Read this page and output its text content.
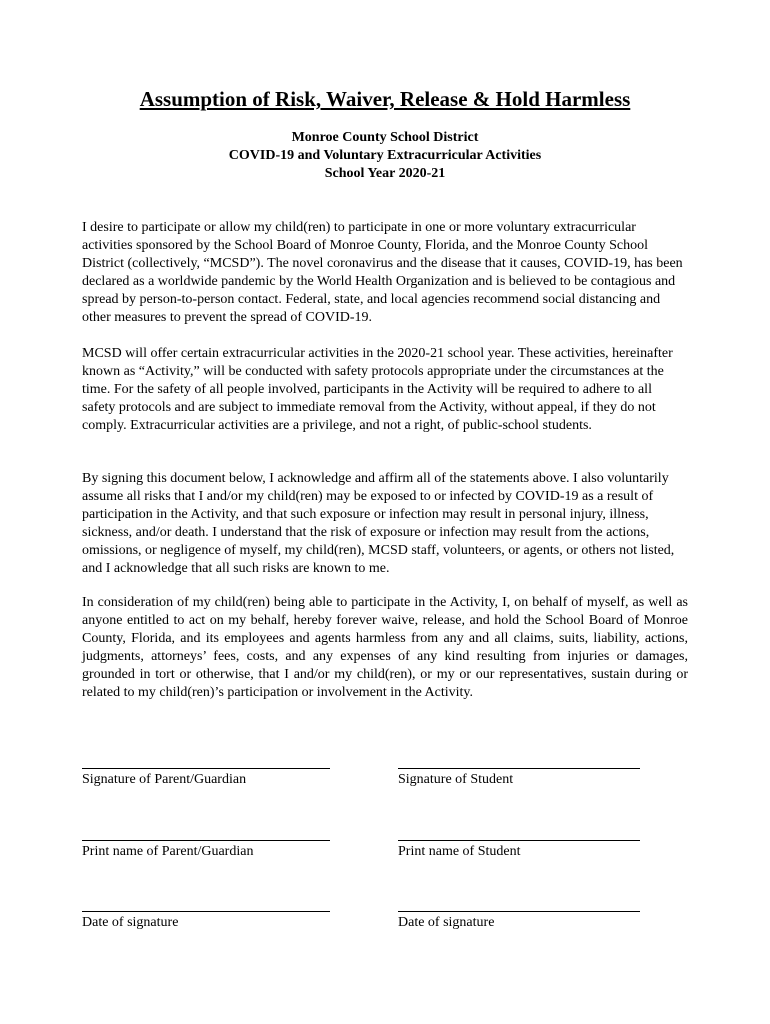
Assumption of Risk, Waiver, Release & Hold Harmless
Monroe County School District
COVID-19 and Voluntary Extracurricular Activities
School Year 2020-21

I desire to participate or allow my child(ren) to participate in one or more voluntary extracurricular activities sponsored by the School Board of Monroe County, Florida, and the Monroe County School District (collectively, “MCSD”). The novel coronavirus and the disease that it causes, COVID-19, has been declared as a worldwide pandemic by the World Health Organization and is believed to be contagious and spread by person-to-person contact. Federal, state, and local agencies recommend social distancing and other measures to prevent the spread of COVID-19.

MCSD will offer certain extracurricular activities in the 2020-21 school year. These activities, hereinafter known as “Activity,” will be conducted with safety protocols appropriate under the circumstances at the time. For the safety of all people involved, participants in the Activity will be required to adhere to all safety protocols and are subject to immediate removal from the Activity, without appeal, if they do not comply. Extracurricular activities are a privilege, and not a right, of public-school students.

By signing this document below, I acknowledge and affirm all of the statements above. I also voluntarily assume all risks that I and/or my child(ren) may be exposed to or infected by COVID-19 as a result of participation in the Activity, and that such exposure or infection may result in personal injury, illness, sickness, and/or death. I understand that the risk of exposure or infection may result from the actions, omissions, or negligence of myself, my child(ren), MCSD staff, volunteers, or agents, or others not listed, and I acknowledge that all such risks are known to me.

In consideration of my child(ren) being able to participate in the Activity, I, on behalf of myself, as well as anyone entitled to act on my behalf, hereby forever waive, release, and hold the School Board of Monroe County, Florida, and its employees and agents harmless from any and all claims, suits, liability, actions, judgments, attorneys’ fees, costs, and any expenses of any kind resulting from injuries or damages, grounded in tort or otherwise, that I and/or my child(ren), or my or our representatives, sustain during or related to my child(ren)’s participation or involvement in the Activity.

Signature of Parent/Guardian	Signature of Student
Print name of Parent/Guardian	Print name of Student
Date of signature	Date of signature
